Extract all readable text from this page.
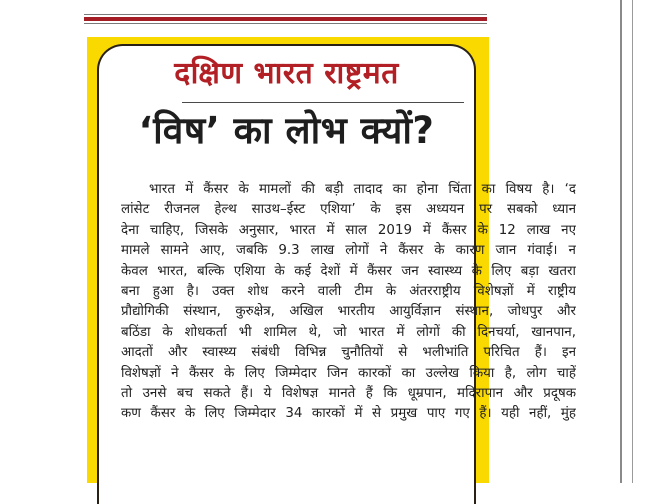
दक्षिण भारत राष्ट्रमत
‘विष’ का लोभ क्यों?
भारत में कैंसर के मामलों की बड़ी तादाद का होना चिंता का विषय है। ‘द
लांसेट रीजनल हेल्थ साउथ–ईस्ट एशिया’ के इस अध्ययन पर सबको ध्यान
देना चाहिए, जिसके अनुसार, भारत में साल 2019 में कैंसर के 12 लाख नए
मामले सामने आए, जबकि 9.3 लाख लोगों ने कैंसर के कारण जान गंवाई। न
केवल भारत, बल्कि एशिया के कई देशों में कैंसर जन स्वास्थ्य के लिए बड़ा खतरा
बना हुआ है। उक्त शोध करने वाली टीम के अंतरराष्ट्रीय विशेषज्ञों में राष्ट्रीय
प्रौद्योगिकी संस्थान, कुरुक्षेत्र, अखिल भारतीय आयुर्विज्ञान संस्थान, जोधपुर और
बठिंडा के शोधकर्ता भी शामिल थे, जो भारत में लोगों की दिनचर्या, खानपान,
आदतों और स्वास्थ्य संबंधी विभिन्न चुनौतियों से भलीभांति परिचित हैं। इन
विशेषज्ञों ने कैंसर के लिए जिम्मेदार जिन कारकों का उल्लेख किया है, लोग चाहें
तो उनसे बच सकते हैं। ये विशेषज्ञ मानते हैं कि धूम्रपान, मदिरापान और प्रदूषक
कण कैंसर के लिए जिम्मेदार 34 कारकों में से प्रमुख पाए गए हैं। यही नहीं, मुंह
